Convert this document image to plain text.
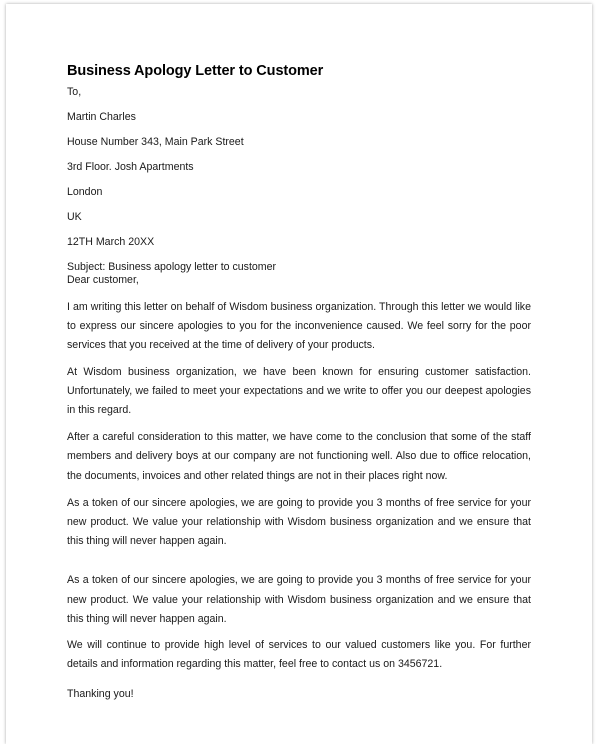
Business Apology Letter to Customer

To,

Martin Charles

House Number 343, Main Park Street

3rd Floor. Josh Apartments

London

UK

12TH March 20XX

Subject: Business apology letter to customer

Dear customer,

I am writing this letter on behalf of Wisdom business organization. Through this letter we would like to express our sincere apologies to you for the inconvenience caused. We feel sorry for the poor services that you received at the time of delivery of your products.

At Wisdom business organization, we have been known for ensuring customer satisfaction. Unfortunately, we failed to meet your expectations and we write to offer you our deepest apologies in this regard.

After a careful consideration to this matter, we have come to the conclusion that some of the staff members and delivery boys at our company are not functioning well. Also due to office relocation, the documents, invoices and other related things are not in their places right now.

As a token of our sincere apologies, we are going to provide you 3 months of free service for your new product. We value your relationship with Wisdom business organization and we ensure that this thing will never happen again.

As a token of our sincere apologies, we are going to provide you 3 months of free service for your new product. We value your relationship with Wisdom business organization and we ensure that this thing will never happen again.

We will continue to provide high level of services to our valued customers like you. For further details and information regarding this matter, feel free to contact us on 3456721.

Thanking you!
